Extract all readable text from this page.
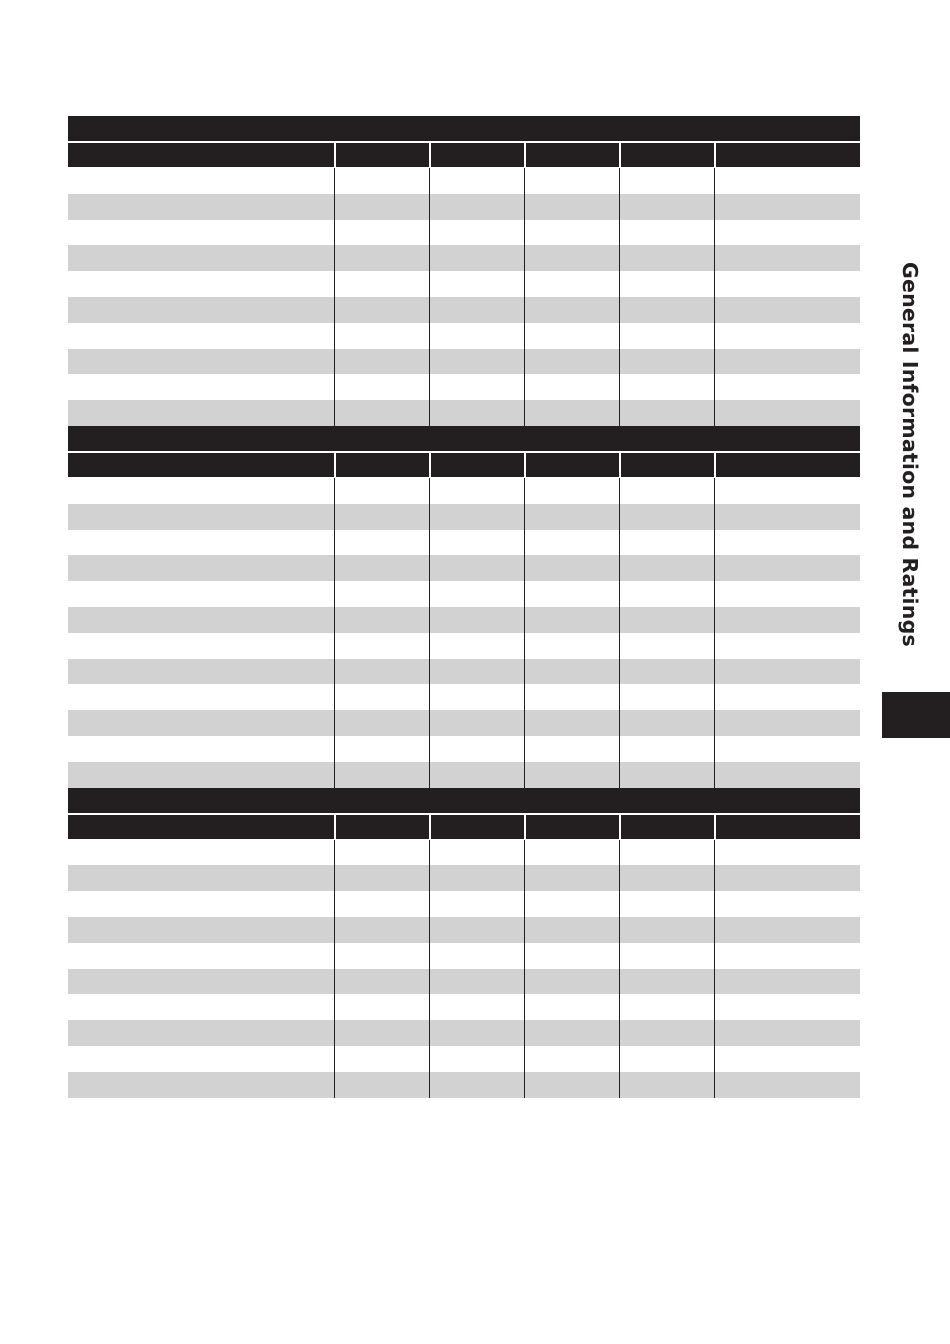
General Information and Ratings
